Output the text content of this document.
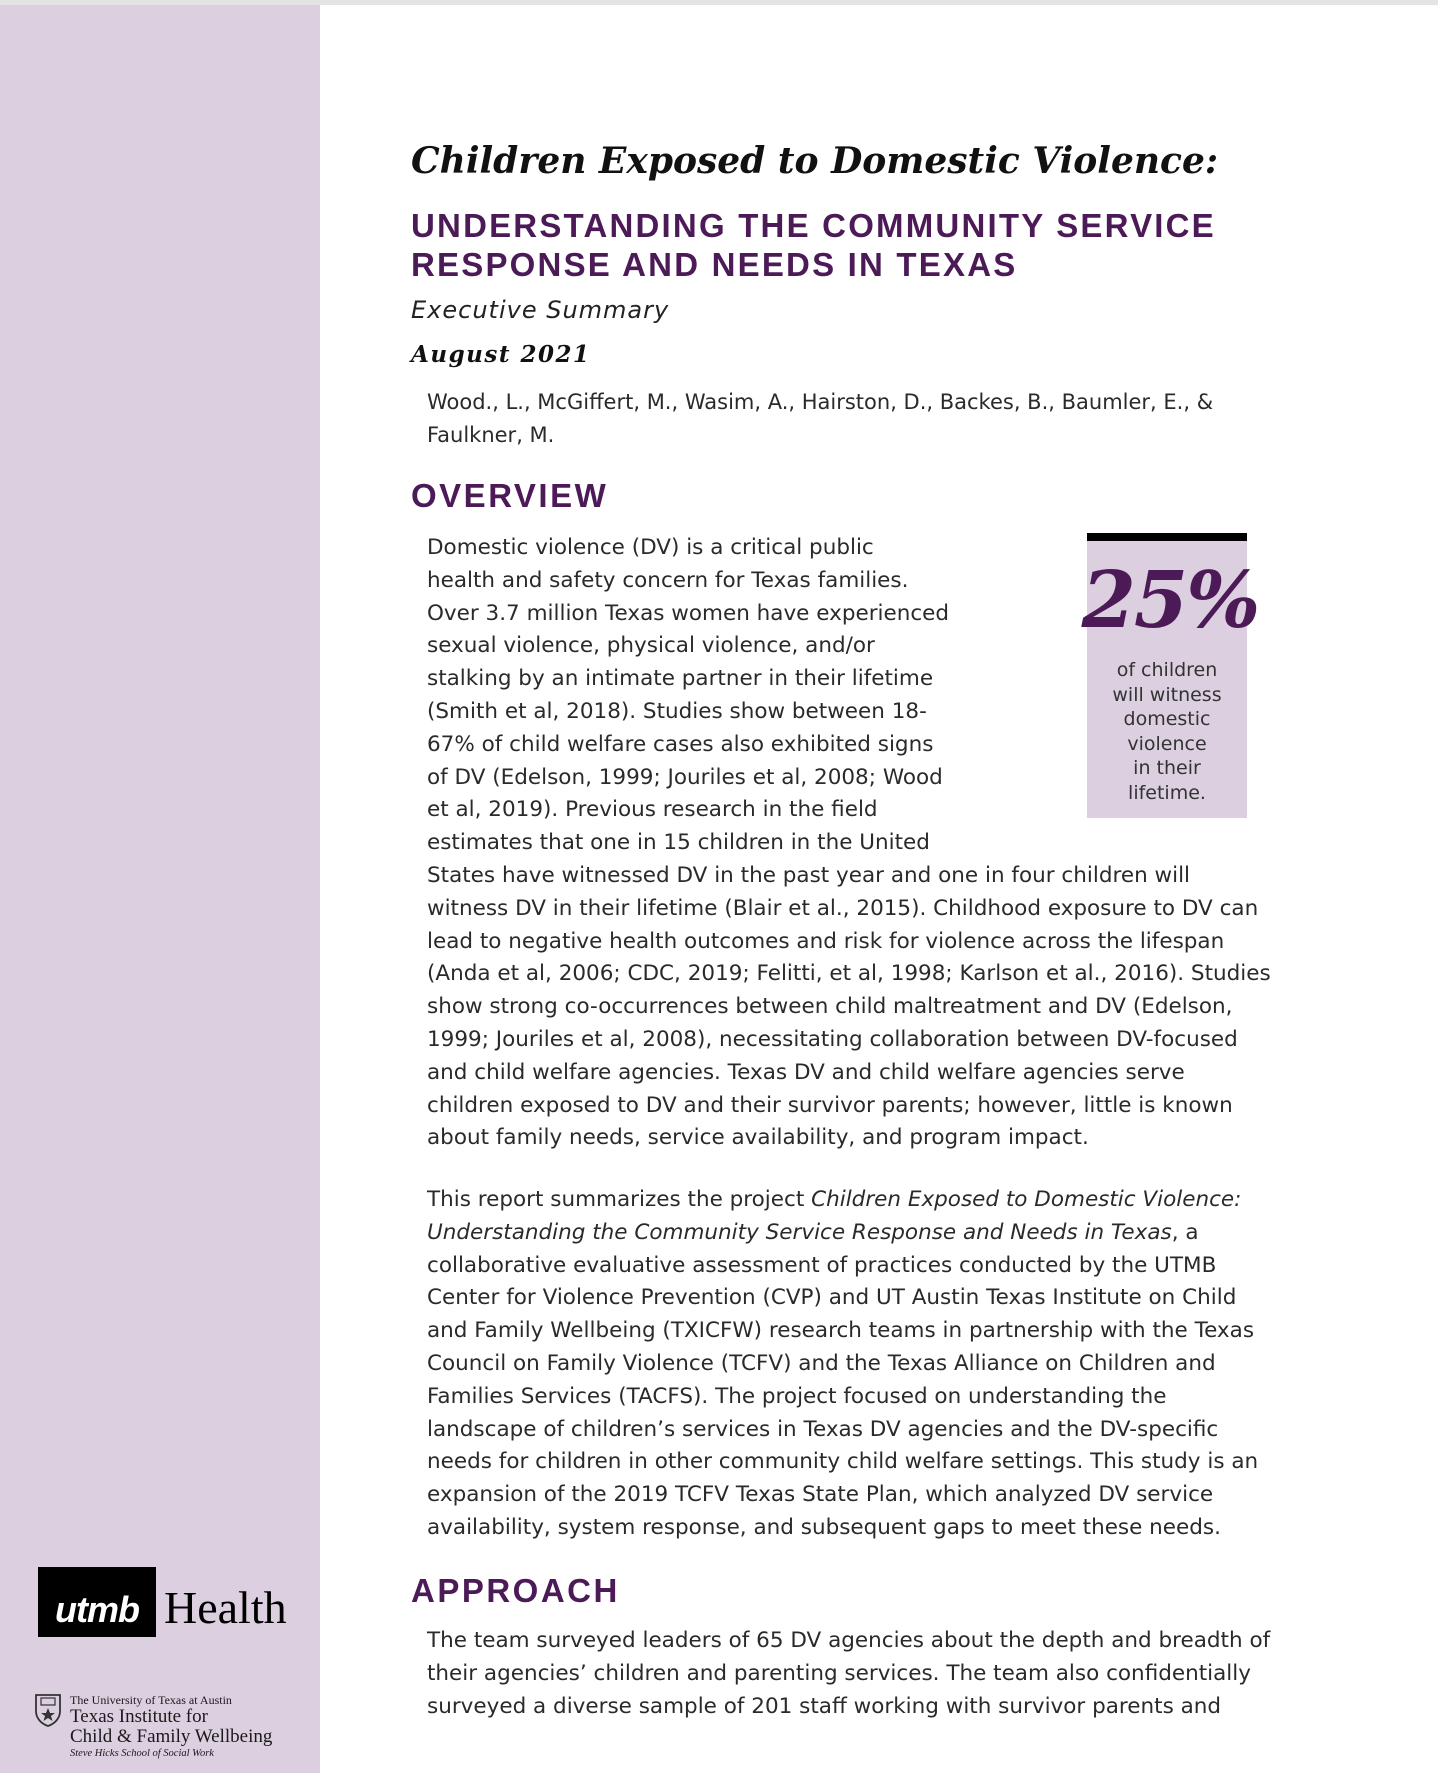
utmb Health
The University of Texas at Austin
Texas Institute for
Child & Family Wellbeing
Steve Hicks School of Social Work
Children Exposed to Domestic Violence:
UNDERSTANDING THE COMMUNITY SERVICE
RESPONSE AND NEEDS IN TEXAS
Executive Summary
August 2021

Wood., L., McGiffert, M., Wasim, A., Hairston, D., Backes, B., Baumler, E., &
Faulkner, M.

OVERVIEW

Domestic violence (DV) is a critical public
health and safety concern for Texas families.
Over 3.7 million Texas women have experienced
sexual violence, physical violence, and/or
stalking by an intimate partner in their lifetime
(Smith et al, 2018). Studies show between 18-
67% of child welfare cases also exhibited signs
of DV (Edelson, 1999; Jouriles et al, 2008; Wood
et al, 2019). Previous research in the field
estimates that one in 15 children in the United
States have witnessed DV in the past year and one in four children will
witness DV in their lifetime (Blair et al., 2015). Childhood exposure to DV can
lead to negative health outcomes and risk for violence across the lifespan
(Anda et al, 2006; CDC, 2019; Felitti, et al, 1998; Karlson et al., 2016). Studies
show strong co-occurrences between child maltreatment and DV (Edelson,
1999; Jouriles et al, 2008), necessitating collaboration between DV-focused
and child welfare agencies. Texas DV and child welfare agencies serve
children exposed to DV and their survivor parents; however, little is known
about family needs, service availability, and program impact.

25%
of children
will witness
domestic
violence
in their
lifetime.

This report summarizes the project Children Exposed to Domestic Violence:
Understanding the Community Service Response and Needs in Texas, a
collaborative evaluative assessment of practices conducted by the UTMB
Center for Violence Prevention (CVP) and UT Austin Texas Institute on Child
and Family Wellbeing (TXICFW) research teams in partnership with the Texas
Council on Family Violence (TCFV) and the Texas Alliance on Children and
Families Services (TACFS). The project focused on understanding the
landscape of children’s services in Texas DV agencies and the DV-specific
needs for children in other community child welfare settings. This study is an
expansion of the 2019 TCFV Texas State Plan, which analyzed DV service
availability, system response, and subsequent gaps to meet these needs.

APPROACH

The team surveyed leaders of 65 DV agencies about the depth and breadth of
their agencies’ children and parenting services. The team also confidentially
surveyed a diverse sample of 201 staff working with survivor parents and
